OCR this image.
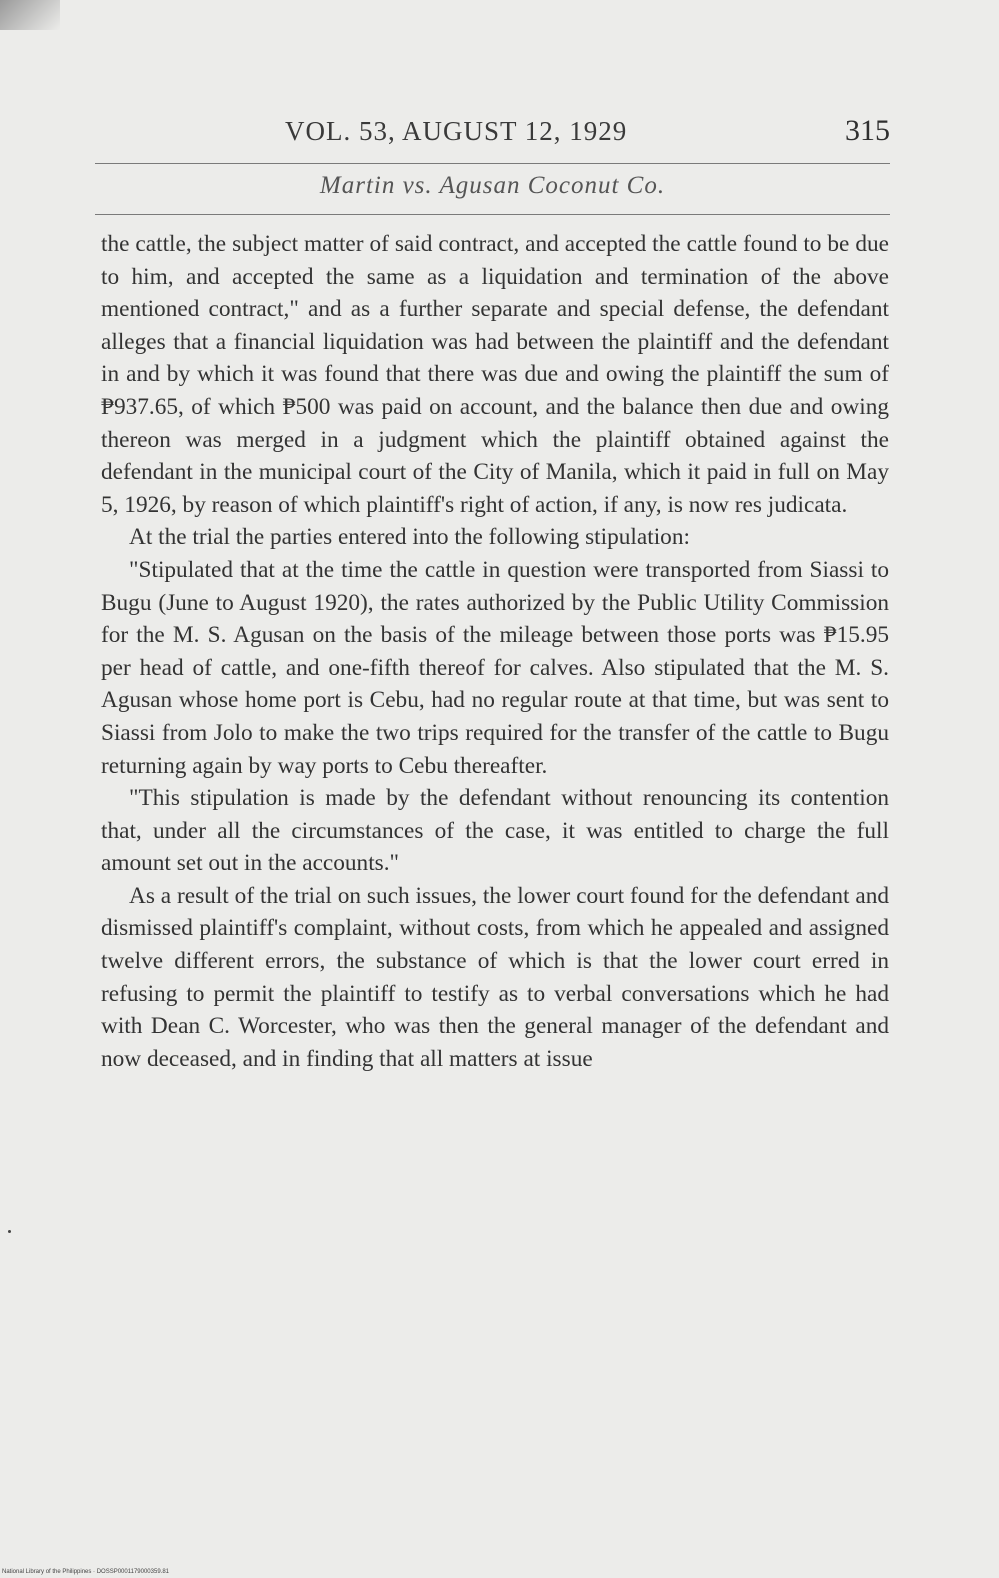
VOL. 53, AUGUST 12, 1929	315
Martin vs. Agusan Coconut Co.

the cattle, the subject matter of said contract, and accepted the cattle found to be due to him, and accepted the same as a liquidation and termination of the above mentioned contract," and as a further separate and special defense, the defendant alleges that a financial liquidation was had between the plaintiff and the defendant in and by which it was found that there was due and owing the plaintiff the sum of ₱937.65, of which ₱500 was paid on account, and the balance then due and owing thereon was merged in a judgment which the plaintiff obtained against the defendant in the municipal court of the City of Manila, which it paid in full on May 5, 1926, by reason of which plaintiff's right of action, if any, is now res judicata.

At the trial the parties entered into the following stipulation:

"Stipulated that at the time the cattle in question were transported from Siassi to Bugu (June to August 1920), the rates authorized by the Public Utility Commission for the M. S. Agusan on the basis of the mileage between those ports was ₱15.95 per head of cattle, and one-fifth thereof for calves. Also stipulated that the M. S. Agusan whose home port is Cebu, had no regular route at that time, but was sent to Siassi from Jolo to make the two trips required for the transfer of the cattle to Bugu returning again by way ports to Cebu thereafter.

"This stipulation is made by the defendant without renouncing its contention that, under all the circumstances of the case, it was entitled to charge the full amount set out in the accounts."

As a result of the trial on such issues, the lower court found for the defendant and dismissed plaintiff's complaint, without costs, from which he appealed and assigned twelve different errors, the substance of which is that the lower court erred in refusing to permit the plaintiff to testify as to verbal conversations which he had with Dean C. Worcester, who was then the general manager of the defendant and now deceased, and in finding that all matters at issue

National Library of the Philippines · DOSSP0001179000359.81
